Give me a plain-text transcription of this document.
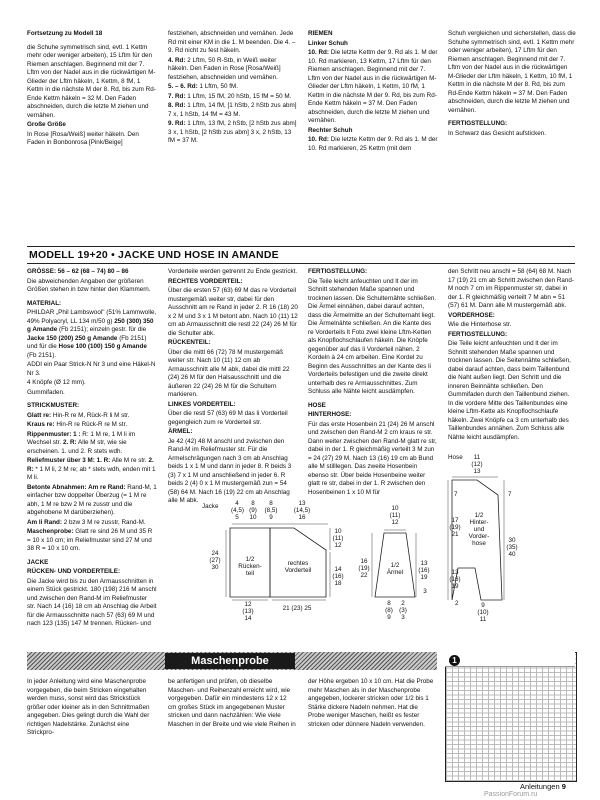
Fortsetzung zu Modell 18

die Schuhe symmetrisch sind, evtl. 1 Kettm mehr oder weniger arbeiten), 15 Lftm für den Riemen anschlagen. Beginnend mit der 7. Lftm von der Nadel aus in die rückwärtigen M-Glieder der Lftm häkeln, 1 Kettm, 8 fM, 1 Kettm in die nächste M der 8. Rd, bis zum Rd-Ende Kettm häkeln = 32 M. Den Faden abschneiden, durch die letzte M ziehen und vernähen.

Große Größe

In Rose [Rosa/Weiß] weiter häkeln. Den Faden in Bonbonrosa [Pink/Beige]

festziehen, abschneiden und vernähen. Jede Rd mit einer KM in die 1. M beenden. Die 4. – 9. Rd nicht zu fest häkeln.

4. Rd: 2 Lftm, 50 R-Stb, in Weiß weiter häkeln. Den Faden in Rose [Rosa/Weiß] festziehen, abschneiden und vernähen.

5. – 6. Rd: 1 Lftm, 50 fM.

7. Rd: 1 Lftm, 15 fM, 20 hStb, 15 fM = 50 M.

8. Rd: 1 Lftm, 14 fM, [1 hStb, 2 hStb zus abm] 7 x, 1 hStb, 14 fM = 43 M.

9. Rd: 1 Lftm, 13 fM, 2 hStb, [2 hStb zus abm] 3 x, 1 hStb, [2 hStb zus abm] 3 x, 2 hStb, 13 fM = 37 M.

RIEMEN

Linker Schuh

10. Rd: Die letzte Kettm der 9. Rd als 1. M der 10. Rd markieren, 13 Kettm, 17 Lftm für den Riemen anschlagen. Beginnend mit der 7. Lftm von der Nadel aus in die rückwärtigen M-Glieder der Lftm häkeln, 1 Kettm, 10 fM, 1 Kettm in die nächste M der 9. Rd, bis zum Rd-Ende Kettm häkeln = 37 M. Den Faden abschneiden, durch die letzte M ziehen und vernähen.

Rechter Schuh

10. Rd: Die letzte Kettm der 9. Rd als 1. M der 10. Rd markieren, 25 Kettm (mit dem

Schuh vergleichen und sicherstellen, dass die Schuhe symmetrisch sind, evtl. 1 Kettm mehr oder weniger arbeiten), 17 Lftm für den Riemen anschlagen. Beginnend mit der 7. Lftm von der Nadel aus in die rückwärtigen M-Glieder der Lftm häkeln, 1 Kettm, 10 fM, 1 Kettm in die nächste M der 8. Rd, bis zum Rd-Ende Kettm häkeln = 37 M. Den Faden abschneiden, durch die letzte M ziehen und vernähen.

FERTIGSTELLUNG:

In Schwarz das Gesicht aufsticken.

MODELL 19+20 • JACKE UND HOSE IN AMANDE

GRÖSSE: 56 – 62 (68 – 74) 80 – 86

Die abweichenden Angaben der größeren Größen stehen in bzw hinter den Klammern.

MATERIAL:

PHILDAR „Phil Lambswool" (51% Lammwolle, 49% Polyacryl, LL 134 m/50 g) 250 (300) 350 g Amande (Fb 2151); einzeln gestr. für die Jacke 150 (200) 250 g Amande (Fb 2151) und für die Hose 100 (100) 150 g Amande (Fb 2151).

ADDI ein Paar Strick-N Nr 3 und eine Häkel-N Nr 3.

4 Knöpfe (Ø 12 mm).

Gummifaden.

STRICKMUSTER:

Glatt re: Hin-R re M, Rück-R li M str.

Kraus re: Hin-R re Rück-R re M str.

Rippenmuster: 1 : R: 1 M re, 1 M li im Wechsel str. 2. R: Alle M str, wie sie erscheinen. 1. und 2. R stets wdh.

Reliefmuster über 3 M: 1. R: Alle M re str. 2. R: * 1 M li, 2 M re; ab * stets wdh, enden mit 1 M li.

Betonte Abnahmen: Am re Rand: Rand-M, 1 einfacher bzw doppelter Überzug (= 1 M re abh, 1 M re bzw 2 M re zusstr und die abgehobene M darüberziehen).

Am li Rand: 2 bzw 3 M re zusstr, Rand-M.

Maschenprobe: Glatt re sind 26 M und 35 R = 10 x 10 cm; im Reliefmuster sind 27 M und 38 R = 10 x 10 cm.

JACKE

RÜCKEN- UND VORDERTEILE:

Die Jacke wird bis zu den Armausschnitten in einem Stück gestrickt. 180 (198) 216 M anschl und zwischen den Rand-M im Reliefmuster str. Nach 14 (16) 18 cm ab Anschlag die Arbeit für die Armausschnitte nach 57 (63) 69 M und nach 123 (135) 147 M trennen. Rücken- und

Vorderteile werden getrennt zu Ende gestrickt.

RECHTES VORDERTEIL:

Über die ersten 57 (63) 69 M das re Vorderteil mustergemäß weiter str, dabei für den Ausschnitt am re Rand in jeder 2. R 16 (18) 20 x 2 M und 3 x 1 M betont abn. Nach 10 (11) 12 cm ab Armausschnitt die restl 22 (24) 26 M für die Schulter abk.

RÜCKENTEIL:

Über die mittl 66 (72) 78 M mustergemäß weiter str. Nach 10 (11) 12 cm ab Armausschnitt alle M abk, dabei die mittl 22 (24) 26 M für den Halsausschnitt und die äußeren 22 (24) 26 M für die Schultern markieren.

LINKES VORDERTEIL:

Über die restl 57 (63) 69 M das li Vorderteil gegengleich zum re Vorderteil str.

ÄRMEL:

Je 42 (42) 48 M anschl und zwischen den Rand-M im Reliefmuster str. Für die Armelschrägungen nach 3 cm ab Anschlag beids 1 x 1 M und dann in jeder 8. R beids 3 (3) 7 x 1 M und anschließend in jeder 6. R beids 2 (4) 0 x 1 M mustergemäß zun = 54 (58) 64 M. Nach 16 (19) 22 cm ab Anschlag alle M abk.

FERTIGSTELLUNG:

Die Teile leicht anfeuchten und lt der im Schnitt stehenden Maße spannen und trocknen lassen. Die Schulternähte schließen. Die Ärmel einnähen, dabei darauf achten, dass die Ärmelmitte an der Schulternaht liegt. Die Ärmelnähte schließen. An die Kante des re Vorderteils lt Foto zwei kleine Lftm-Ketten als Knopflochschlaufen häkeln. Die Knöpfe gegenüber auf das li Vorderteil nähen. 2 Kordeln à 24 cm arbeiten. Eine Kordel zu Beginn des Ausschnittes an der Kante des li Vorderteils befestigen und die zweite direkt unterhalb des re Armausschnittes. Zum Schluss alle Nähte leicht ausdämpfen.

HOSE

HINTERHOSE:

Für das erste Hosenbein 21 (24) 26 M anschl und zwischen den Rand-M 2 cm kraus re str. Dann weiter zwischen den Rand-M glatt re str, dabei in der 1. R gleichmäßig verteilt 3 M zun = 24 (27) 29 M. Nach 13 (16) 19 cm ab Bund alle M stilllegen. Das zweite Hosenbein ebenso str. Über beide Hosenbeine weiter glatt re str, dabei in der 1. R zwischen den Hosenbeinen 1 x 10 M für

den Schritt neu anschl = 58 (64) 68 M. Nach 17 (19) 21 cm ab Schritt zwischen den Rand-M noch 7 cm im Rippenmuster str, dabei in der 1. R gleichmäßig verteilt 7 M abn = 51 (57) 61 M. Dann alle M mustergemäß abk.

VORDERHOSE:

Wie die Hinterhose str.

FERTIGSTELLUNG:

Die Teile leicht anfeuchten und lt der im Schnitt stehenden Maße spannen und trocknen lassen. Die Seitennähte schließen, dabei darauf achten, dass beim Taillenbund die Naht außen liegt. Den Schritt und die inneren Beinnähte schließen. Den Gummifaden durch den Taillenbund ziehen. In die vordere Mitte des Taillenbundes eine kleine Lftm-Kette als Knopflochschlaufe häkeln. Zwei Knöpfe ca 3 cm unterhalb des Taillenbundes annähen. Zum Schluss alle Nähte leicht ausdämpfen.

Jacke	4
(4,5)
5
8
(9)
10
8
(8,5)
9
13
(14,5)
16
24
(27)
30
1/2
Rücken-
teil
rechtes
Vorderteil
10
(11)
12
14
(16)
18
12
(13)
14
21 (23) 25
10
(11)
12
1/2
Ärmel
16
(19)
22
13
(16)
19
3
8
(8)
9
2
(3)
3
Hose	11
(12)
13
7	7
17
(19)
21
1/2
Hinter-
und
Vorder-
hose	30
(35)
40
13
(16)
19
2	9
(10)
11
Maschenprobe

In jeder Anleitung wird eine Maschenprobe vorgegeben, die beim Stricken eingehalten werden muss, sonst wird das Strickstück größer oder kleiner als in den Schnittmaßen angegeben. Dies gelingt durch die Wahl der richtigen Nadelstärke. Zunächst eine Strickpro-

be anfertigen und prüfen, ob dieselbe Maschen- und Reihenzahl erreicht wird, wie vorgegeben. Dafür ein mindestens 12 x 12 cm großes Stück im angegebenen Muster stricken und dann nachzählen: Wie viele Maschen in der Breite und wie viele Reihen in

der Höhe ergeben 10 x 10 cm. Hat die Probe mehr Maschen als in der Maschenprobe angegeben, lockerer stricken oder 1/2 bis 1 Stärke dickere Nadeln nehmen. Hat die Probe weniger Maschen, heißt es fester stricken oder dünnere Nadeln verwenden.

1
Anleitungen 9
PassionForum.ru
